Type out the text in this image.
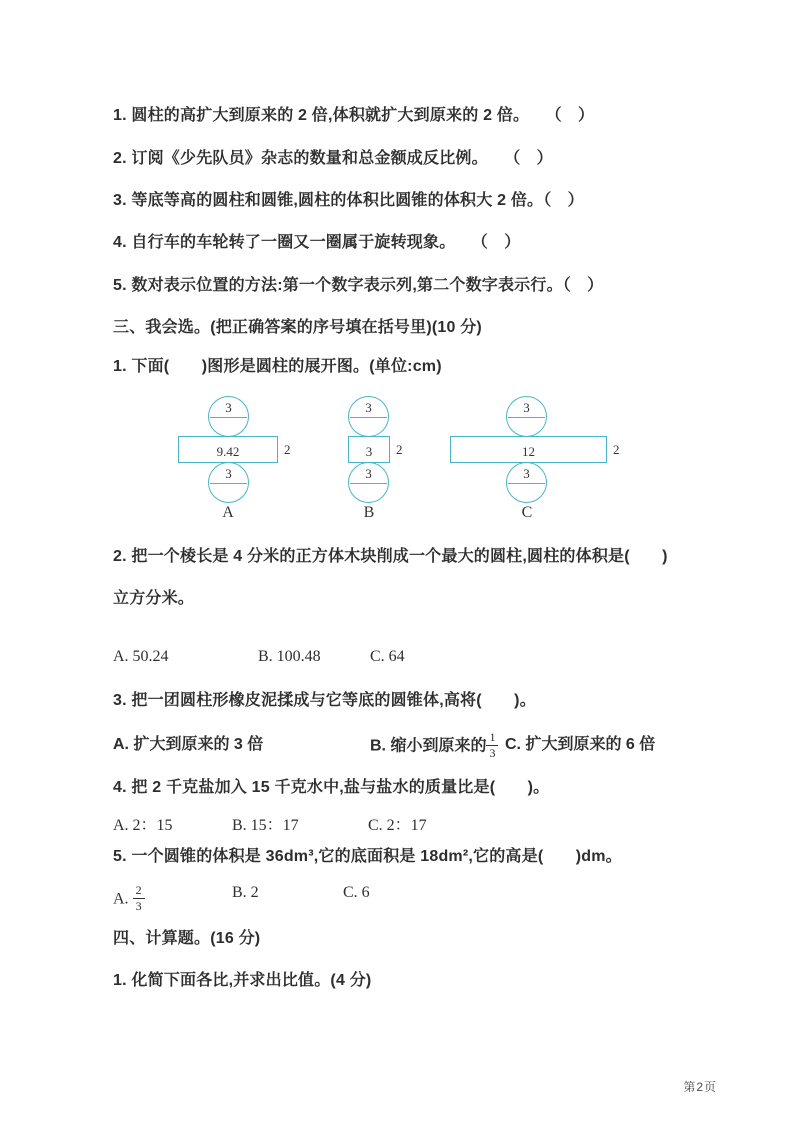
1. 圆柱的高扩大到原来的 2 倍,体积就扩大到原来的 2 倍。　　（　）
2. 订阅《少先队员》杂志的数量和总金额成反比例。　　（　）
3. 等底等高的圆柱和圆锥,圆柱的体积比圆锥的体积大 2 倍。（　）
4. 自行车的车轮转了一圈又一圈属于旋转现象。　　（　）
5. 数对表示位置的方法:第一个数字表示列,第二个数字表示行。（　）
三、我会选。(把正确答案的序号填在括号里)(10 分)
1. 下面(　　)图形是圆柱的展开图。(单位:cm)
3
9.42	2
3
A
3
3	2
3
B
3
12	2
3
C
2. 把一个棱长是 4 分米的正方体木块削成一个最大的圆柱,圆柱的体积是(　　)
立方分米。
A. 50.24	B. 100.48	C. 64
3. 把一团圆柱形橡皮泥揉成与它等底的圆锥体,高将(　　)。
A. 扩大到原来的 3 倍	B. 缩小到原来的 $\frac{1}{3} C$. 扩大到原来的 6 倍
4. 把 2 千克盐加入 15 千克水中,盐与盐水的质量比是(　　)。
A. 2：15	B. 15：17	C. 2：17
5. 一个圆锥的体积是 36dm³,它的底面积是 18dm²,它的高是(　　)dm。
A. $\frac{2}{3}$	B. 2	C. 6
四、计算题。(16 分)
1. 化简下面各比,并求出比值。(4 分)
第2页
